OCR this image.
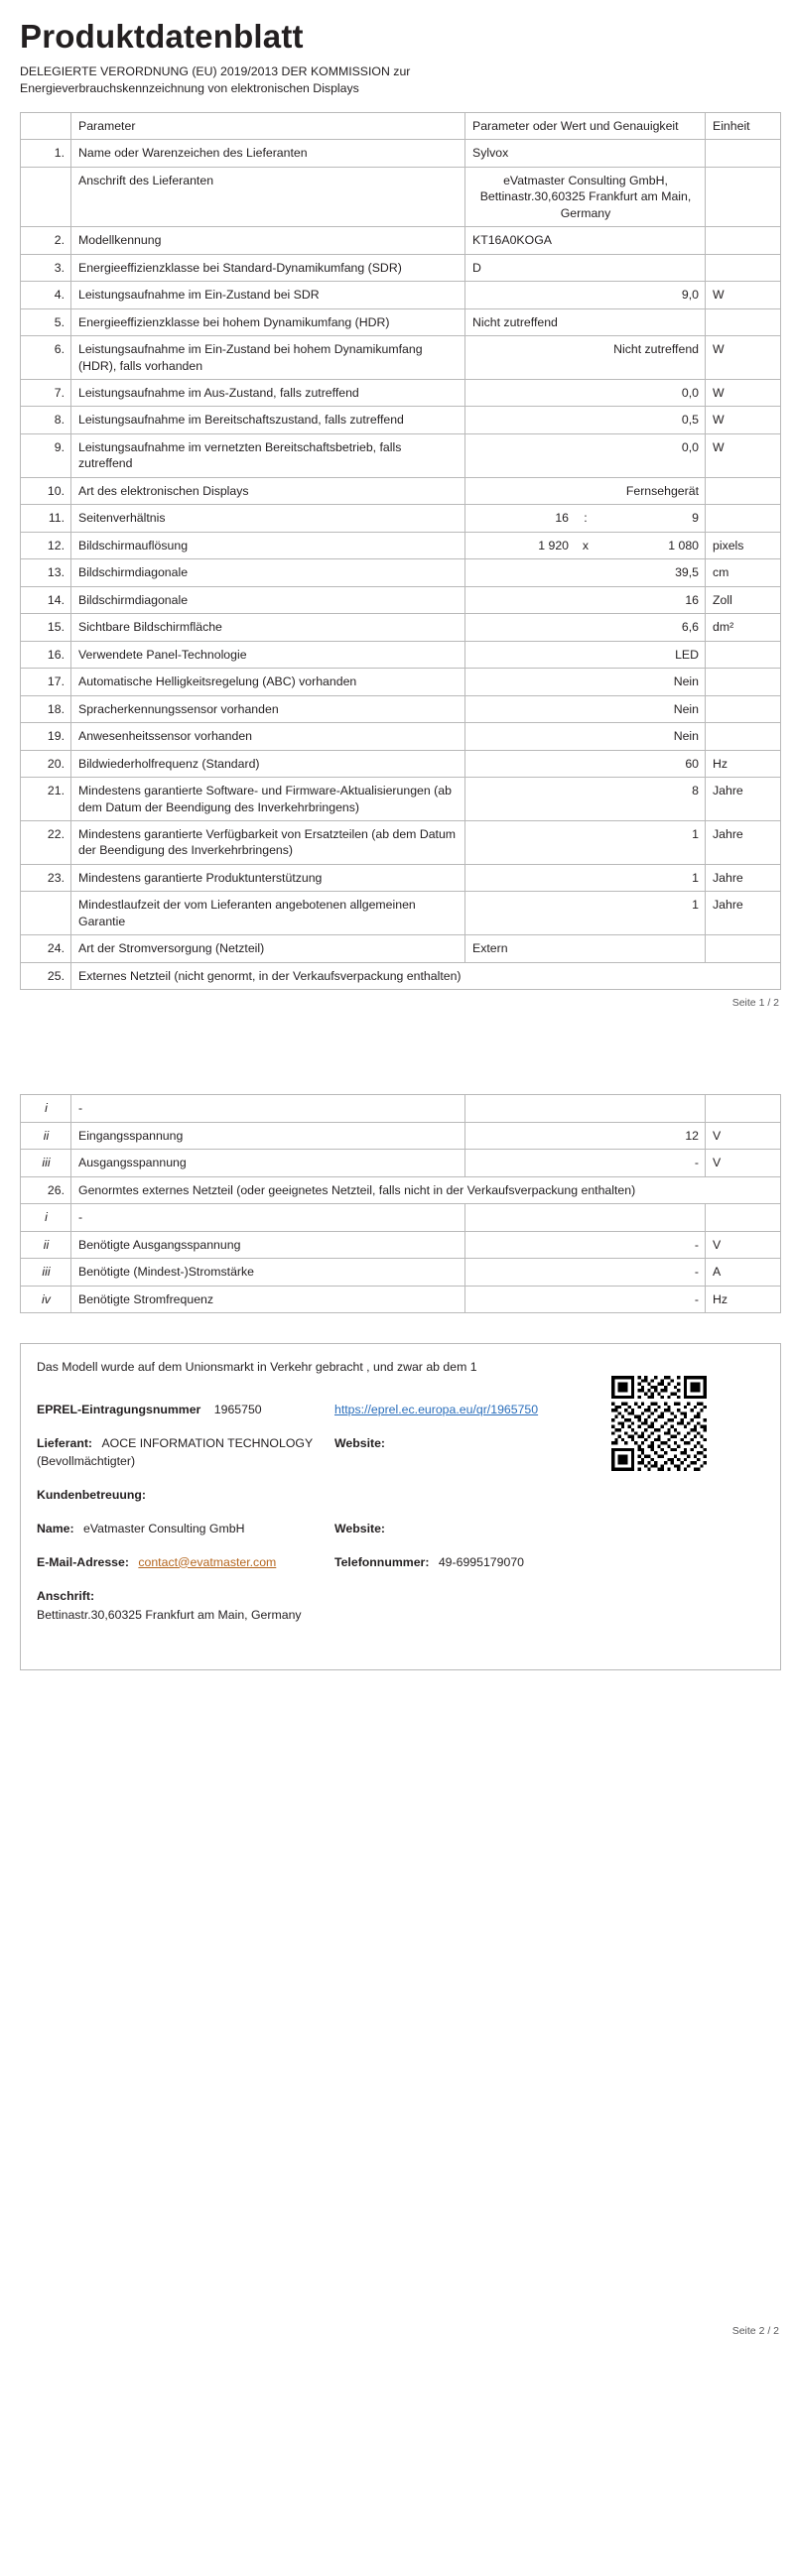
Produktdatenblatt
DELEGIERTE VERORDNUNG (EU) 2019/2013 DER KOMMISSION zur
Energieverbrauchskennzeichnung von elektronischen Displays
	Parameter	Parameter oder Wert und Genauigkeit	Einheit
1.	Name oder Warenzeichen des Lieferanten	Sylvox	
	Anschrift des Lieferanten	eVatmaster Consulting GmbH, Bettinastr.30,60325 Frankfurt am Main, Germany	
2.	Modellkennung	KT16A0KOGA	
3.	Energieeffizienzklasse bei Standard-Dynamikumfang (SDR)	D	
4.	Leistungsaufnahme im Ein-Zustand bei SDR	9,0	W
5.	Energieeffizienzklasse bei hohem Dynamikumfang (HDR)	Nicht zutreffend	
6.	Leistungsaufnahme im Ein-Zustand bei hohem Dynamikumfang (HDR), falls vorhanden	Nicht zutreffend	W
7.	Leistungsaufnahme im Aus-Zustand, falls zutreffend	0,0	W
8.	Leistungsaufnahme im Bereitschaftszustand, falls zutreffend	0,5	W
9.	Leistungsaufnahme im vernetzten Bereitschaftsbetrieb, falls zutreffend	0,0	W
10.	Art des elektronischen Displays	Fernsehgerät	
11.	Seitenverhältnis	16 : 9	

12.	Bildschirmauflösung	1 920 x 1 080	pixels
13.	Bildschirmdiagonale	39,5	cm
14.	Bildschirmdiagonale	16	Zoll
15.	Sichtbare Bildschirmfläche	6,6	dm²
16.	Verwendete Panel-Technologie	LED	
17.	Automatische Helligkeitsregelung (ABC) vorhanden	Nein	
18.	Spracherkennungssensor vorhanden	Nein	
19.	Anwesenheitssensor vorhanden	Nein	
20.	Bildwiederholfrequenz (Standard)	60	Hz
21.	Mindestens garantierte Software- und Firmware-Aktualisierungen (ab dem Datum der Beendigung des Inverkehrbringens)	8	Jahre
22.	Mindestens garantierte Verfügbarkeit von Ersatzteilen (ab dem Datum der Beendigung des Inverkehrbringens)	1	Jahre
23.	Mindestens garantierte Produktunterstützung	1	Jahre
	Mindestlaufzeit der vom Lieferanten angebotenen allgemeinen Garantie	1	Jahre
24.	Art der Stromversorgung (Netzteil)	Extern	
25.	Externes Netzteil (nicht genormt, in der Verkaufsverpackung enthalten)		
Seite 1 / 2
i	-		
ii	Eingangsspannung	12	V
iii	Ausgangsspannung	-	V
26.	Genormtes externes Netzteil (oder geeignetes Netzteil, falls nicht in der Verkaufsverpackung enthalten)		
i	-		
ii	Benötigte Ausgangsspannung	-	V
iii	Benötigte (Mindest-)Stromstärke	-	A
iv	Benötigte Stromfrequenz	-	Hz
Das Modell wurde auf dem Unionsmarkt in Verkehr gebracht , und zwar ab dem 1
EPREL-Eintragungsnummer 1965750	https://eprel.ec.europa.eu/qr/1965750
Lieferant: AOCE INFORMATION TECHNOLOGY (Bevollmächtigter)
Website:
Kundenbetreuung:
Name: eVatmaster Consulting GmbH	Website:
E-Mail-Adresse: contact@evatmaster.com	Telefonnummer: 49-6995179070
Anschrift:
Bettinastr.30,60325 Frankfurt am Main, Germany
Seite 2 / 2
